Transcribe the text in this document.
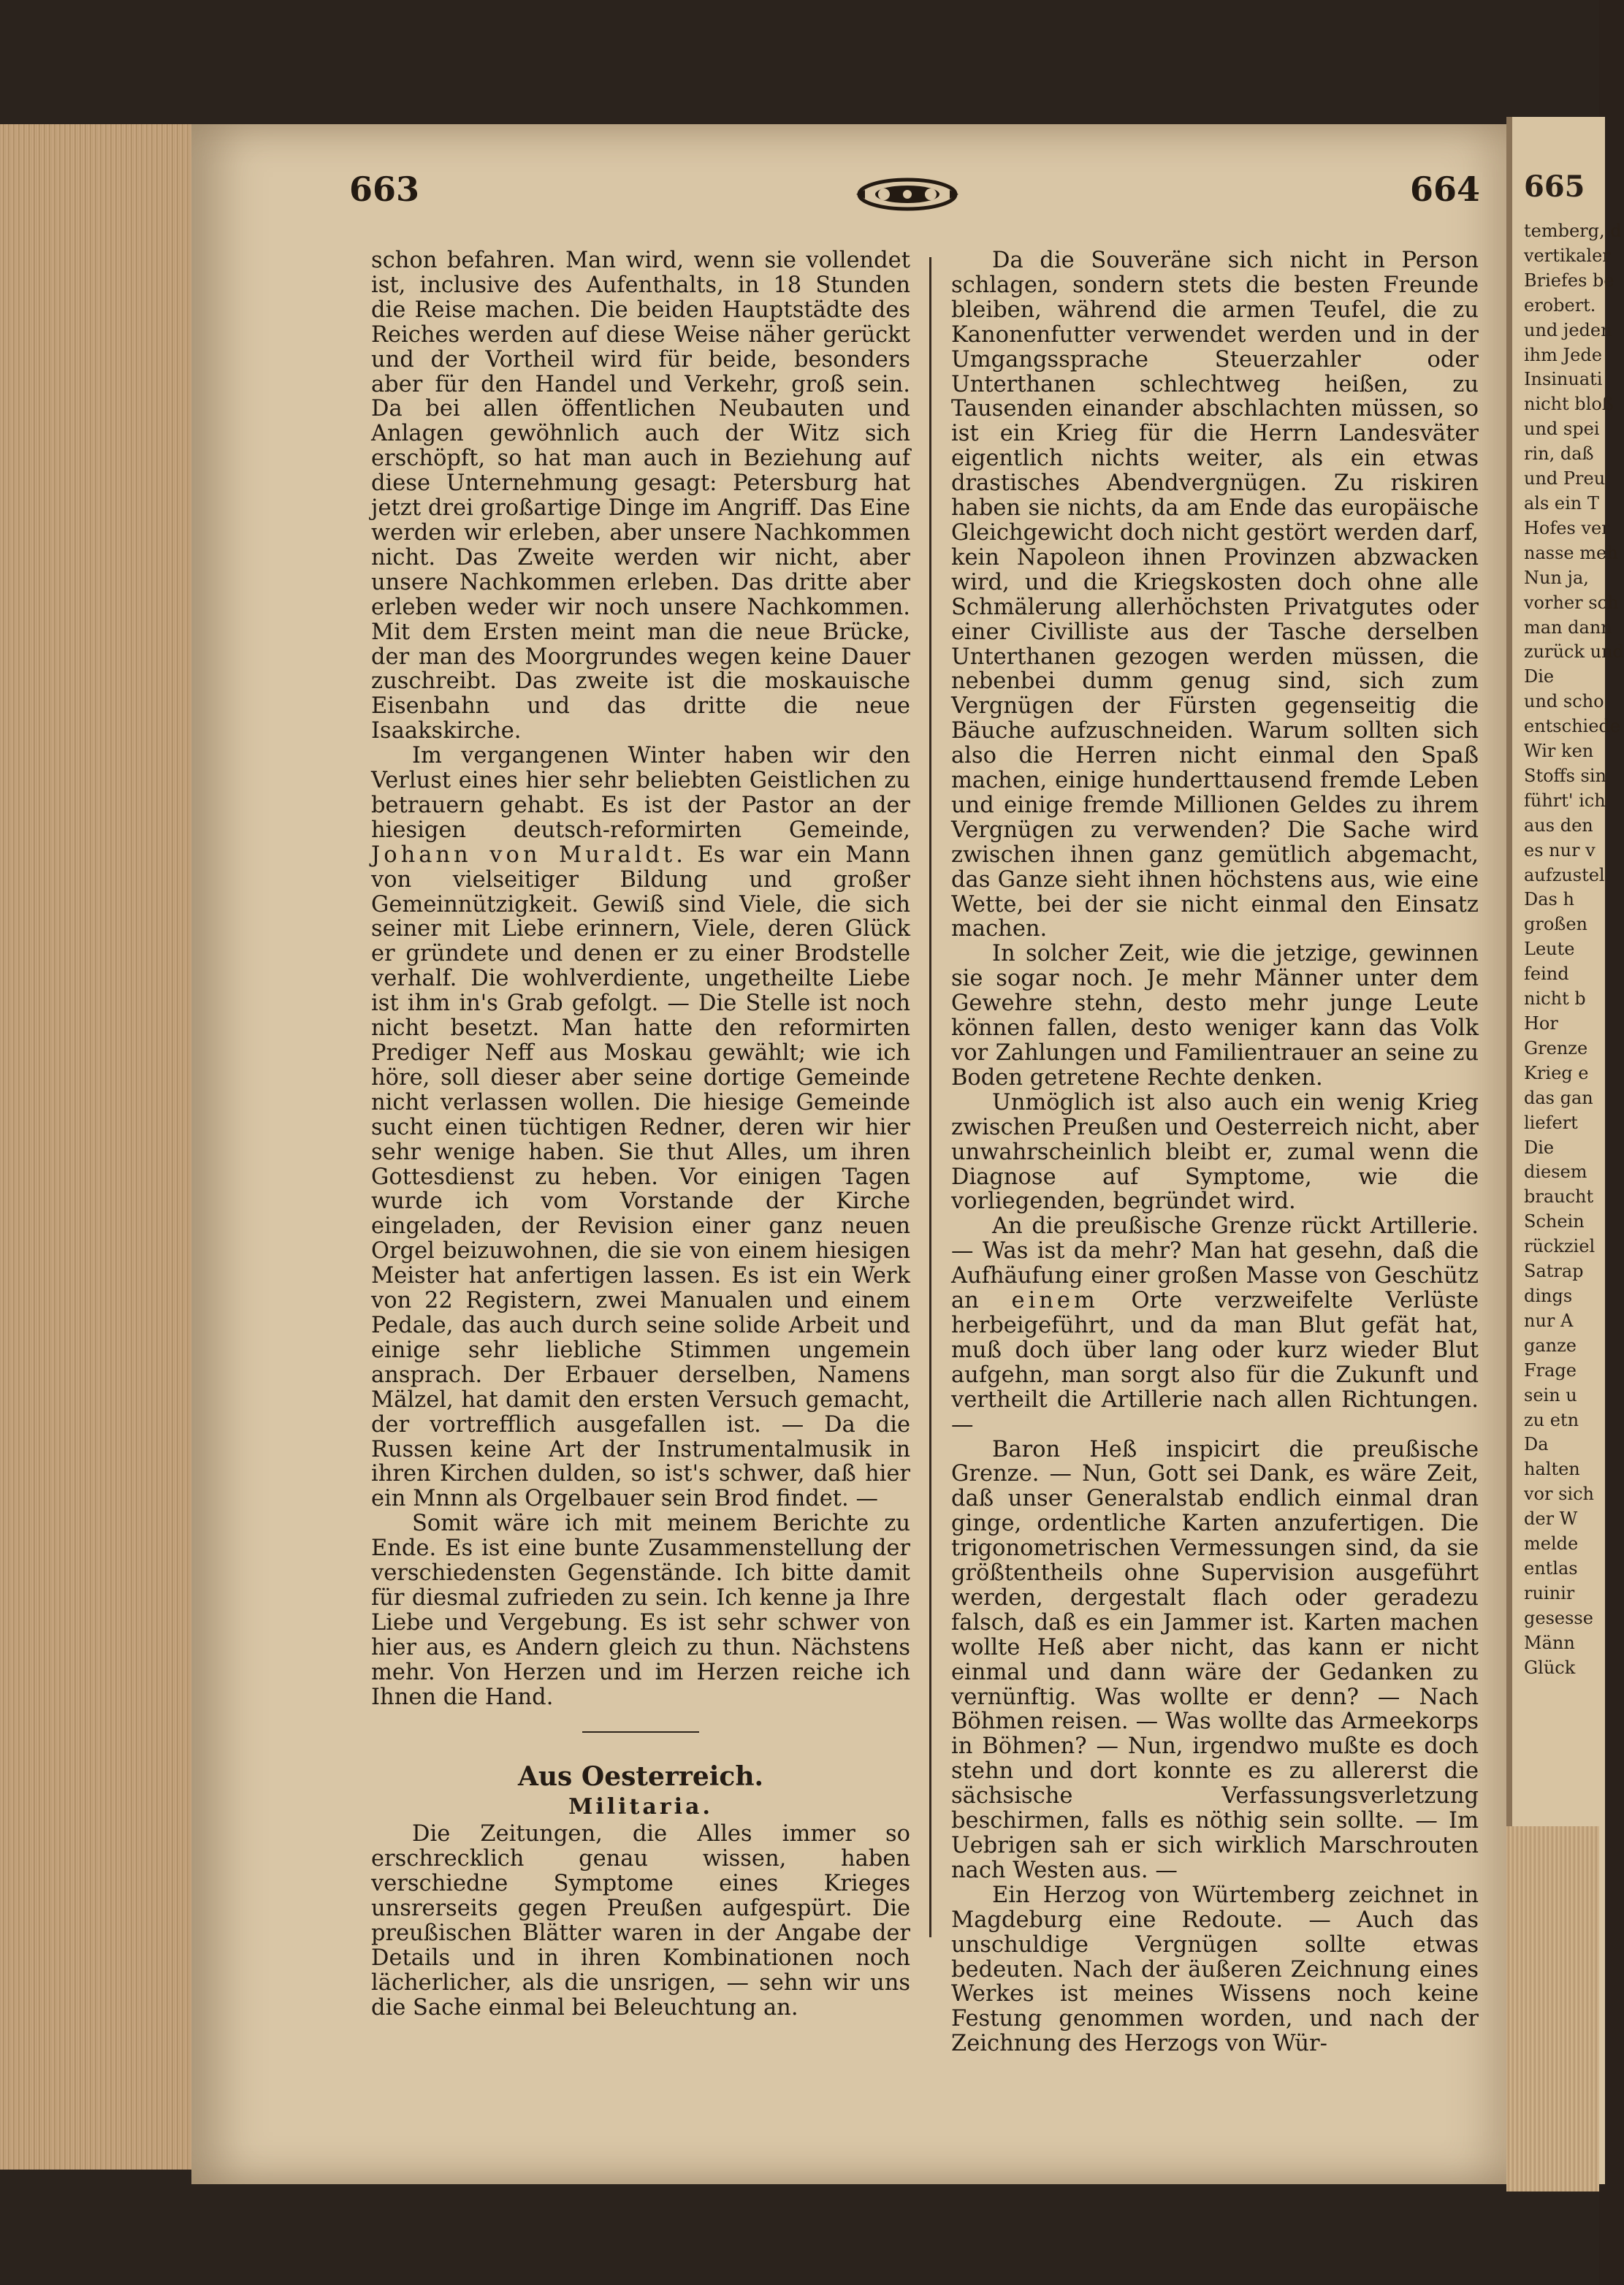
663	664

schon befahren. Man wird, wenn sie vollendet ist, inclusive des Aufenthalts, in 18 Stunden die Reise machen. Die beiden Hauptstädte des Reiches werden auf diese Weise näher gerückt und der Vortheil wird für beide, besonders aber für den Handel und Verkehr, groß sein. Da bei allen öffentlichen Neubauten und Anlagen gewöhnlich auch der Witz sich erschöpft, so hat man auch in Beziehung auf diese Unternehmung gesagt: Petersburg hat jetzt drei großartige Dinge im Angriff. Das Eine werden wir erleben, aber unsere Nachkommen nicht. Das Zweite werden wir nicht, aber unsere Nachkommen erleben. Das dritte aber erleben weder wir noch unsere Nachkommen. Mit dem Ersten meint man die neue Brücke, der man des Moorgrundes wegen keine Dauer zuschreibt. Das zweite ist die moskauische Eisenbahn und das dritte die neue Isaakskirche.

Im vergangenen Winter haben wir den Verlust eines hier sehr beliebten Geistlichen zu betrauern gehabt. Es ist der Pastor an der hiesigen deutsch-reformirten Gemeinde, Johann von Muraldt. Es war ein Mann von vielseitiger Bildung und großer Gemeinnützigkeit. Gewiß sind Viele, die sich seiner mit Liebe erinnern, Viele, deren Glück er gründete und denen er zu einer Brodstelle verhalf. Die wohlverdiente, ungetheilte Liebe ist ihm in's Grab gefolgt. — Die Stelle ist noch nicht besetzt. Man hatte den reformirten Prediger Neff aus Moskau gewählt; wie ich höre, soll dieser aber seine dortige Gemeinde nicht verlassen wollen. Die hiesige Gemeinde sucht einen tüchtigen Redner, deren wir hier sehr wenige haben. Sie thut Alles, um ihren Gottesdienst zu heben. Vor einigen Tagen wurde ich vom Vorstande der Kirche eingeladen, der Revision einer ganz neuen Orgel beizuwohnen, die sie von einem hiesigen Meister hat anfertigen lassen. Es ist ein Werk von 22 Registern, zwei Manualen und einem Pedale, das auch durch seine solide Arbeit und einige sehr liebliche Stimmen ungemein ansprach. Der Erbauer derselben, Namens Mälzel, hat damit den ersten Versuch gemacht, der vortrefflich ausgefallen ist. — Da die Russen keine Art der Instrumentalmusik in ihren Kirchen dulden, so ist's schwer, daß hier ein Mnnn als Orgelbauer sein Brod findet. —

Somit wäre ich mit meinem Berichte zu Ende. Es ist eine bunte Zusammenstellung der verschiedensten Gegenstände. Ich bitte damit für diesmal zufrieden zu sein. Ich kenne ja Ihre Liebe und Vergebung. Es ist sehr schwer von hier aus, es Andern gleich zu thun. Nächstens mehr. Von Herzen und im Herzen reiche ich Ihnen die Hand.

Aus Oesterreich.

Militaria.

Die Zeitungen, die Alles immer so erschrecklich genau wissen, haben verschiedne Symptome eines Krieges unsrerseits gegen Preußen aufgespürt. Die preußischen Blätter waren in der Angabe der Details und in ihren Kombinationen noch lächerlicher, als die unsrigen, — sehn wir uns die Sache einmal bei Beleuchtung an.

Da die Souveräne sich nicht in Person schlagen, sondern stets die besten Freunde bleiben, während die armen Teufel, die zu Kanonenfutter verwendet werden und in der Umgangssprache Steuerzahler oder Unterthanen schlechtweg heißen, zu Tausenden einander abschlachten müssen, so ist ein Krieg für die Herrn Landesväter eigentlich nichts weiter, als ein etwas drastisches Abendvergnügen. Zu riskiren haben sie nichts, da am Ende das europäische Gleichgewicht doch nicht gestört werden darf, kein Napoleon ihnen Provinzen abzwacken wird, und die Kriegskosten doch ohne alle Schmälerung allerhöchsten Privatgutes oder einer Civilliste aus der Tasche derselben Unterthanen gezogen werden müssen, die nebenbei dumm genug sind, sich zum Vergnügen der Fürsten gegenseitig die Bäuche aufzuschneiden. Warum sollten sich also die Herren nicht einmal den Spaß machen, einige hunderttausend fremde Leben und einige fremde Millionen Geldes zu ihrem Vergnügen zu verwenden? Die Sache wird zwischen ihnen ganz gemütlich abgemacht, das Ganze sieht ihnen höchstens aus, wie eine Wette, bei der sie nicht einmal den Einsatz machen.

In solcher Zeit, wie die jetzige, gewinnen sie sogar noch. Je mehr Männer unter dem Gewehre stehn, desto mehr junge Leute können fallen, desto weniger kann das Volk vor Zahlungen und Familientrauer an seine zu Boden getretene Rechte denken.

Unmöglich ist also auch ein wenig Krieg zwischen Preußen und Oesterreich nicht, aber unwahrscheinlich bleibt er, zumal wenn die Diagnose auf Symptome, wie die vorliegenden, begründet wird.

An die preußische Grenze rückt Artillerie. — Was ist da mehr? Man hat gesehn, daß die Aufhäufung einer großen Masse von Geschütz an einem Orte verzweifelte Verlüste herbeigeführt, und da man Blut gefät hat, muß doch über lang oder kurz wieder Blut aufgehn, man sorgt also für die Zukunft und vertheilt die Artillerie nach allen Richtungen. —

Baron Heß inspicirt die preußische Grenze. — Nun, Gott sei Dank, es wäre Zeit, daß unser Generalstab endlich einmal dran ginge, ordentliche Karten anzufertigen. Die trigonometrischen Vermessungen sind, da sie größtentheils ohne Supervision ausgeführt werden, dergestalt flach oder geradezu falsch, daß es ein Jammer ist. Karten machen wollte Heß aber nicht, das kann er nicht einmal und dann wäre der Gedanken zu vernünftig. Was wollte er denn? — Nach Böhmen reisen. — Was wollte das Armeekorps in Böhmen? — Nun, irgendwo mußte es doch stehn und dort konnte es zu allererst die sächsische Verfassungsverletzung beschirmen, falls es nöthig sein sollte. — Im Uebrigen sah er sich wirklich Marschrouten nach Westen aus. —

Ein Herzog von Würtemberg zeichnet in Magdeburg eine Redoute. — Auch das unschuldige Vergnügen sollte etwas bedeuten. Nach der äußeren Zeichnung eines Werkes ist meines Wissens noch keine Festung genommen worden, und nach der Zeichnung des Herzogs von Wür-

665
temberg, d
vertikaler
Briefes be
erobert.
und jeden
ihm Jede
Insinuati
nicht bloß
und spei
rin, daß
und Preu
als ein T
Hofes ver
nasse meh
Nun ja,
vorher sch
man dann
zurück und
Die
und scho
entschiede
Wir ken
Stoffs sin
führt' ich
aus den
es nur v
aufzustel
Das h
großen
Leute
feind
nicht b
Hor
Grenze
Krieg e
das gan
liefert
Die
diesem
braucht
Schein
rückziel
Satrap
dings
nur A
ganze
Frage
sein u
zu etn
Da
halten
vor sich
der W
melde
entlas
ruinir
gesesse
Männ
Glück
